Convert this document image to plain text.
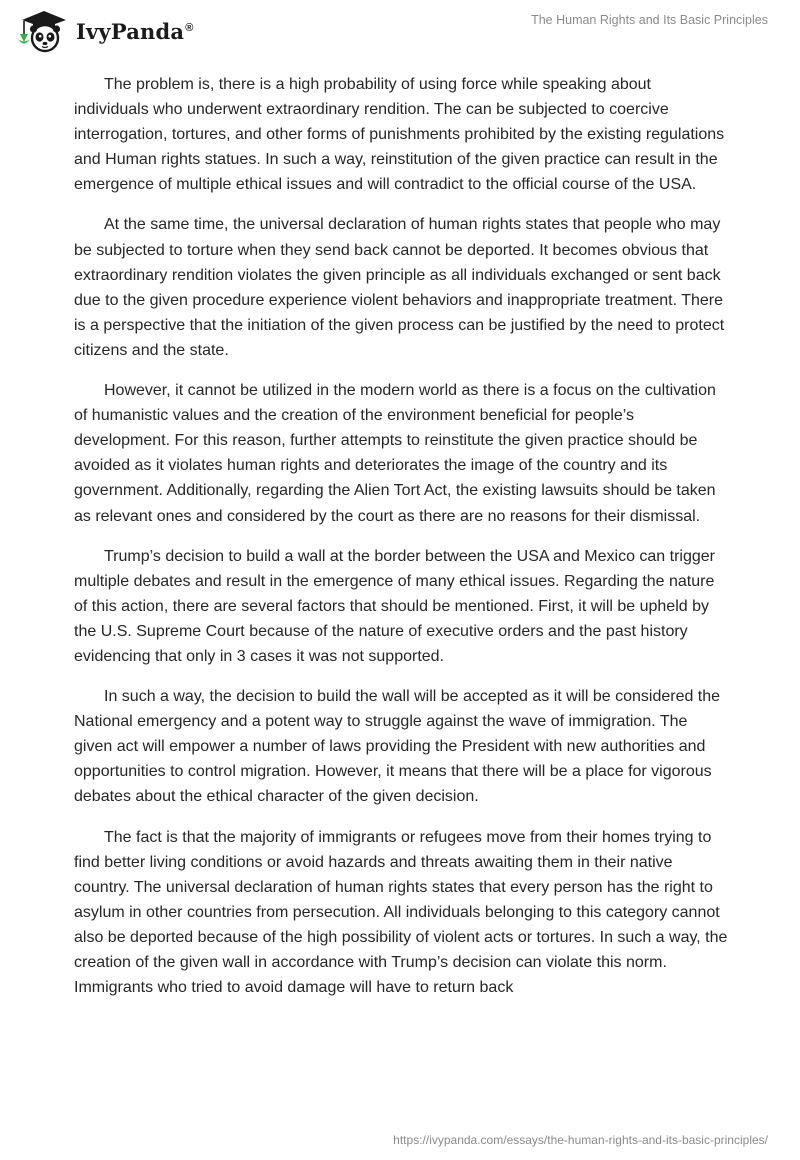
IvyPanda®
The Human Rights and Its Basic Principles

The problem is, there is a high probability of using force while speaking about individuals who underwent extraordinary rendition. The can be subjected to coercive interrogation, tortures, and other forms of punishments prohibited by the existing regulations and Human rights statues. In such a way, reinstitution of the given practice can result in the emergence of multiple ethical issues and will contradict to the official course of the USA.

At the same time, the universal declaration of human rights states that people who may be subjected to torture when they send back cannot be deported. It becomes obvious that extraordinary rendition violates the given principle as all individuals exchanged or sent back due to the given procedure experience violent behaviors and inappropriate treatment. There is a perspective that the initiation of the given process can be justified by the need to protect citizens and the state.

However, it cannot be utilized in the modern world as there is a focus on the cultivation of humanistic values and the creation of the environment beneficial for people’s development. For this reason, further attempts to reinstitute the given practice should be avoided as it violates human rights and deteriorates the image of the country and its government. Additionally, regarding the Alien Tort Act, the existing lawsuits should be taken as relevant ones and considered by the court as there are no reasons for their dismissal.

Trump’s decision to build a wall at the border between the USA and Mexico can trigger multiple debates and result in the emergence of many ethical issues. Regarding the nature of this action, there are several factors that should be mentioned. First, it will be upheld by the U.S. Supreme Court because of the nature of executive orders and the past history evidencing that only in 3 cases it was not supported.

In such a way, the decision to build the wall will be accepted as it will be considered the National emergency and a potent way to struggle against the wave of immigration. The given act will empower a number of laws providing the President with new authorities and opportunities to control migration. However, it means that there will be a place for vigorous debates about the ethical character of the given decision.

The fact is that the majority of immigrants or refugees move from their homes trying to find better living conditions or avoid hazards and threats awaiting them in their native country. The universal declaration of human rights states that every person has the right to asylum in other countries from persecution. All individuals belonging to this category cannot also be deported because of the high possibility of violent acts or tortures. In such a way, the creation of the given wall in accordance with Trump’s decision can violate this norm. Immigrants who tried to avoid damage will have to return back

https://ivypanda.com/essays/the-human-rights-and-its-basic-principles/
